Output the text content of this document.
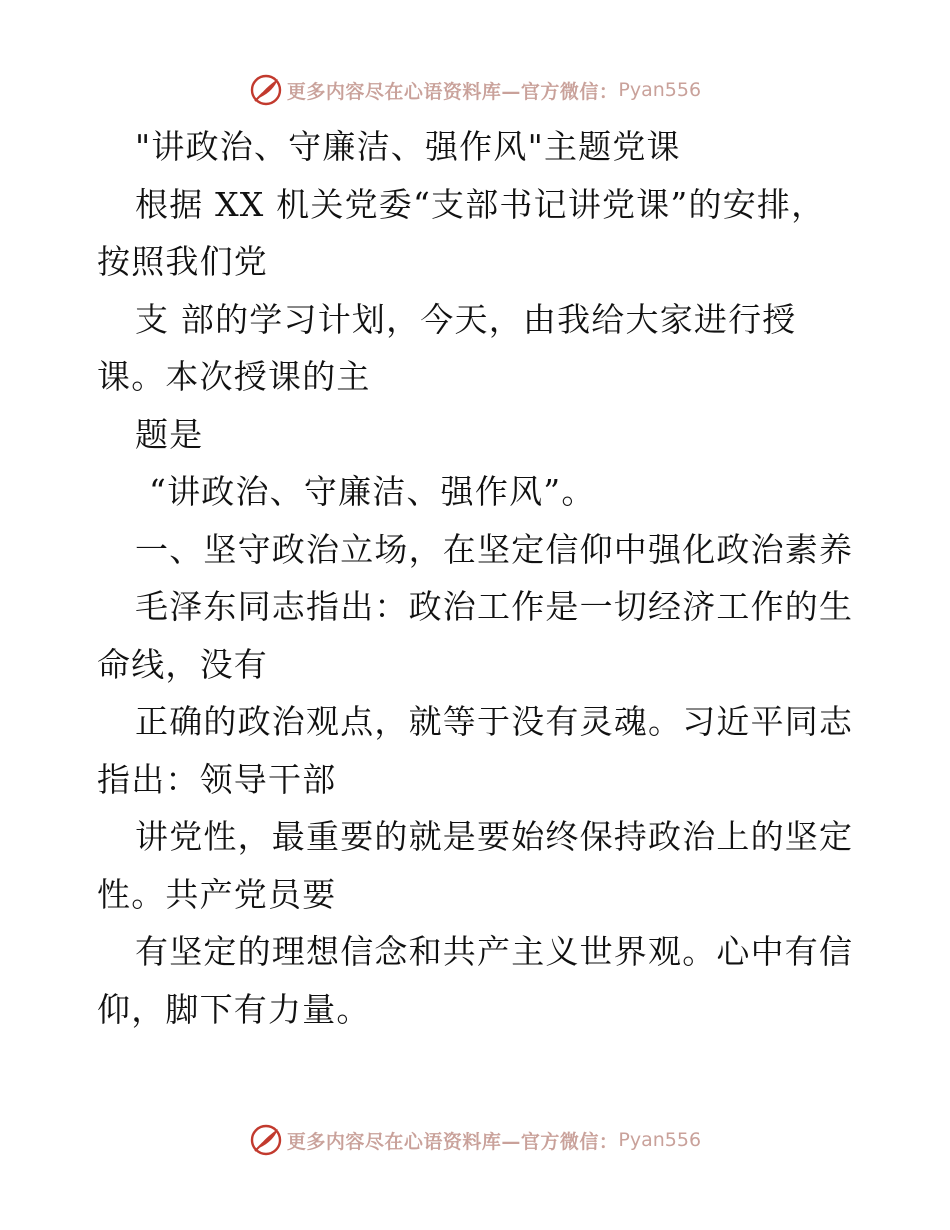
更多内容尽在心语资料库—官方微信： Pyan556
"讲政治、守廉洁、强作风"主题党课
根据 XX 机关党委“支部书记讲党课”的安排，
按照我们党
支 部的学习计划，今天，由我给大家进行授
课。本次授课的主
题是
“讲政治、守廉洁、强作风”。
一、坚守政治立场，在坚定信仰中强化政治素养
毛泽东同志指出：政治工作是一切经济工作的生
命线，没有
正确的政治观点，就等于没有灵魂。习近平同志
指出：领导干部
讲党性，最重要的就是要始终保持政治上的坚定
性。共产党员要
有坚定的理想信念和共产主义世界观。心中有信
仰，脚下有力量。
更多内容尽在心语资料库—官方微信： Pyan556
